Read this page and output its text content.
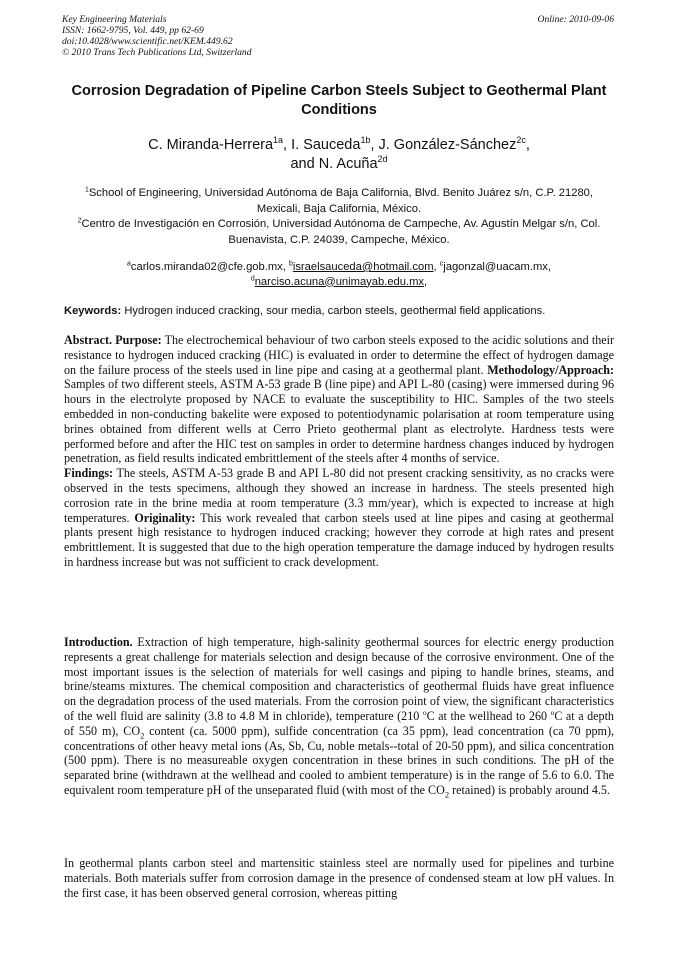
Key Engineering Materials
ISSN: 1662-9795, Vol. 449, pp 62-69
doi:10.4028/www.scientific.net/KEM.449.62
© 2010 Trans Tech Publications Ltd, Switzerland
Online: 2010-09-06
Corrosion Degradation of Pipeline Carbon Steels Subject to Geothermal Plant Conditions
C. Miranda-Herrera$^{1a}$, I. Sauceda$^{1b}$, J. González-Sánchez$^{2c}$,
and N. Acuña$^{2d}$
$^1$School of Engineering, Universidad Autónoma de Baja California, Blvd. Benito Juárez s/n, C.P. 21280, Mexicali, Baja California, México.
$^2$Centro de Investigación en Corrosión, Universidad Autónoma de Campeche, Av. Agustín Melgar s/n, Col. Buenavista, C.P. 24039, Campeche, México.
$^a$carlos.miranda02@cfe.gob.mx, $^b$israelsauceda@hotmail.com, $^c$jagonzal@uacam.mx,
$^d$narciso.acuna@unimayab.edu.mx,
Keywords: Hydrogen induced cracking, sour media, carbon steels, geothermal field applications.

Abstract. Purpose: The electrochemical behaviour of two carbon steels exposed to the acidic solutions and their resistance to hydrogen induced cracking (HIC) is evaluated in order to determine the effect of hydrogen damage on the failure process of the steels used in line pipe and casing at a geothermal plant. Methodology/Approach: Samples of two different steels, ASTM A-53 grade B (line pipe) and API L-80 (casing) were immersed during 96 hours in the electrolyte proposed by NACE to evaluate the susceptibility to HIC. Samples of the two steels embedded in non-conducting bakelite were exposed to potentiodynamic polarisation at room temperature using brines obtained from different wells at Cerro Prieto geothermal plant as electrolyte. Hardness tests were performed before and after the HIC test on samples in order to determine hardness changes induced by hydrogen penetration, as field results indicated embrittlement of the steels after 4 months of service.

Findings: The steels, ASTM A-53 grade B and API L-80 did not present cracking sensitivity, as no cracks were observed in the tests specimens, although they showed an increase in hardness. The steels presented high corrosion rate in the brine media at room temperature (3.3 mm/year), which is expected to increase at high temperatures. Originality: This work revealed that carbon steels used at line pipes and casing at geothermal plants present high resistance to hydrogen induced cracking; however they corrode at high rates and present embrittlement. It is suggested that due to the high operation temperature the damage induced by hydrogen results in hardness increase but was not sufficient to crack development.

Introduction. Extraction of high temperature, high-salinity geothermal sources for electric energy production represents a great challenge for materials selection and design because of the corrosive environment. One of the most important issues is the selection of materials for well casings and piping to handle brines, steams, and brine/steams mixtures. The chemical composition and characteristics of geothermal fluids have great influence on the degradation process of the used materials. From the corrosion point of view, the significant characteristics of the well fluid are salinity (3.8 to 4.8 M in chloride), temperature (210 $^o$C at the wellhead to 260 $^o$C at a depth of 550 m), $CO_2$ content (ca. 5000 ppm), sulfide concentration (ca 35 ppm), lead concentration (ca 70 ppm), concentrations of other heavy metal ions (As, Sb, Cu, noble metals--total of 20-50 ppm), and silica concentration (500 ppm). There is no measureable oxygen concentration in these brines in such conditions. The pH of the separated brine (withdrawn at the wellhead and cooled to ambient temperature) is in the range of 5.6 to 6.0. The equivalent room temperature pH of the unseparated fluid (with most of the $CO_2$ retained) is probably around 4.5.

In geothermal plants carbon steel and martensitic stainless steel are normally used for pipelines and turbine materials. Both materials suffer from corrosion damage in the presence of condensed steam at low pH values. In the first case, it has been observed general corrosion, whereas pitting
